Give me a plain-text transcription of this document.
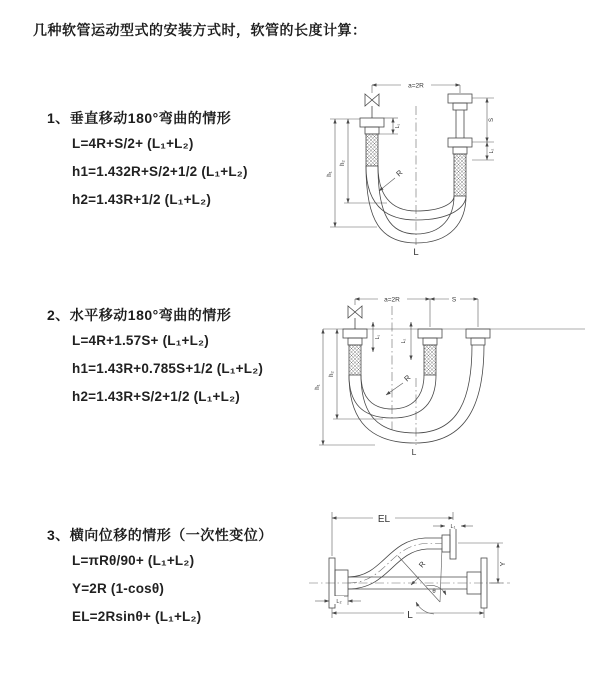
几种软管运动型式的安装方式时，软管的长度计算：
1、垂直移动180°弯曲的情形
L=4R+S/2+ (L₁+L₂)
h1=1.432R+S/2+1/2 (L₁+L₂)
h2=1.43R+1/2 (L₁+L₂)
2、水平移动180°弯曲的情形
L=4R+1.57S+ (L₁+L₂)
h1=1.43R+0.785S+1/2 (L₁+L₂)
h2=1.43R+S/2+1/2 (L₁+L₂)
3、横向位移的情形（一次性变位）
L=πRθ/90+ (L₁+L₂)
Y=2R (1-cosθ)
EL=2Rsinθ+ (L₁+L₂)
a=2R
h₁
h₂
L₁
S
L₂
R
L
a=2R	S
h₁
h₂
L₁
L₂
R
L
EL
L₁
Y
L
L₂
R
θ
